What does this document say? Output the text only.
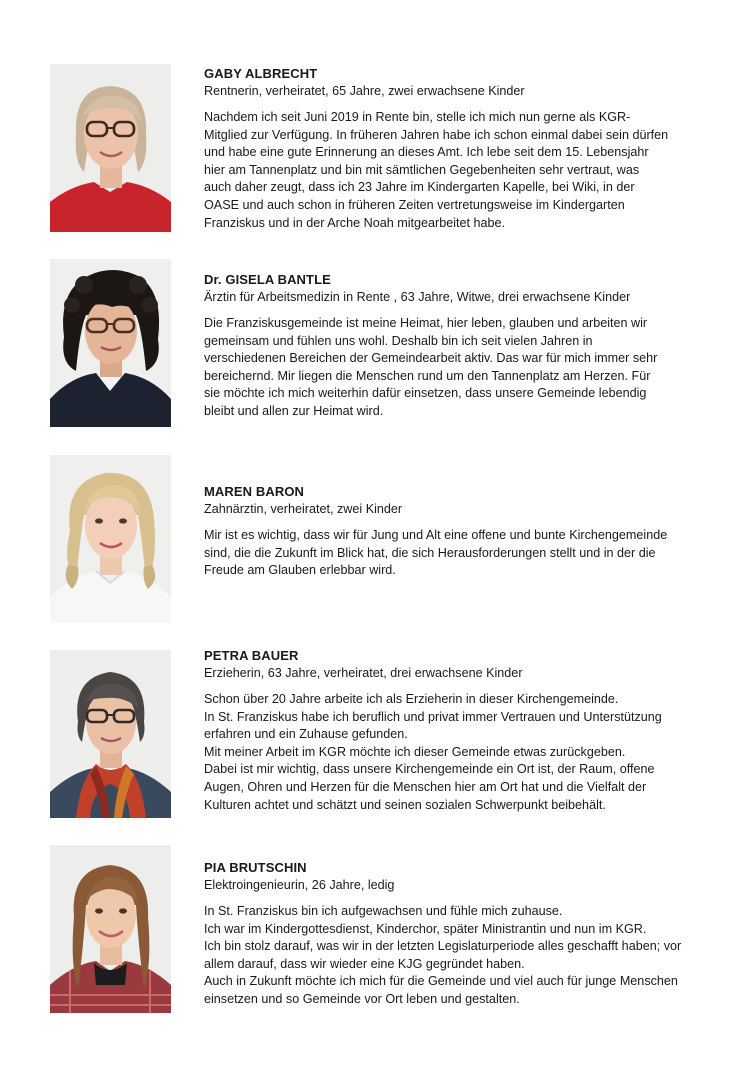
GABY ALBRECHT

Rentnerin, verheiratet, 65 Jahre, zwei erwachsene Kinder

Nachdem ich seit Juni 2019 in Rente bin, stelle ich mich nun gerne als KGR-
Mitglied zur Verfügung. In früheren Jahren habe ich schon einmal dabei sein dürfen
und habe eine gute Erinnerung an dieses Amt. Ich lebe seit dem 15. Lebensjahr
hier am Tannenplatz und bin mit sämtlichen Gegebenheiten sehr vertraut, was
auch daher zeugt, dass ich 23 Jahre im Kindergarten Kapelle, bei Wiki, in der
OASE und auch schon in früheren Zeiten vertretungsweise im Kindergarten
Franziskus und in der Arche Noah mitgearbeitet habe.

Dr. GISELA BANTLE

Ärztin für Arbeitsmedizin in Rente , 63 Jahre, Witwe, drei erwachsene Kinder

Die Franziskusgemeinde ist meine Heimat, hier leben, glauben und arbeiten wir
gemeinsam und fühlen uns wohl. Deshalb bin ich seit vielen Jahren in
verschiedenen Bereichen der Gemeindearbeit aktiv. Das war für mich immer sehr
bereichernd. Mir liegen die Menschen rund um den Tannenplatz am Herzen. Für
sie möchte ich mich weiterhin dafür einsetzen, dass unsere Gemeinde lebendig
bleibt und allen zur Heimat wird.

MAREN BARON

Zahnärztin, verheiratet, zwei Kinder

Mir ist es wichtig, dass wir für Jung und Alt eine offene und bunte Kirchengemeinde
sind, die die Zukunft im Blick hat, die sich Herausforderungen stellt und in der die
Freude am Glauben erlebbar wird.

PETRA BAUER

Erzieherin, 63 Jahre, verheiratet, drei erwachsene Kinder

Schon über 20 Jahre arbeite ich als Erzieherin in dieser Kirchengemeinde.
In St. Franziskus habe ich beruflich und privat immer Vertrauen und Unterstützung
erfahren und ein Zuhause gefunden.
Mit meiner Arbeit im KGR möchte ich dieser Gemeinde etwas zurückgeben.
Dabei ist mir wichtig, dass unsere Kirchengemeinde ein Ort ist, der Raum, offene
Augen, Ohren und Herzen für die Menschen hier am Ort hat und die Vielfalt der
Kulturen achtet und schätzt und seinen sozialen Schwerpunkt beibehält.

PIA BRUTSCHIN

Elektroingenieurin, 26 Jahre, ledig

In St. Franziskus bin ich aufgewachsen und fühle mich zuhause.
Ich war im Kindergottesdienst, Kinderchor, später Ministrantin und nun im KGR.
Ich bin stolz darauf, was wir in der letzten Legislaturperiode alles geschafft haben; vor
allem darauf, dass wir wieder eine KJG gegründet haben.
Auch in Zukunft möchte ich mich für die Gemeinde und viel auch für junge Menschen
einsetzen und so Gemeinde vor Ort leben und gestalten.
